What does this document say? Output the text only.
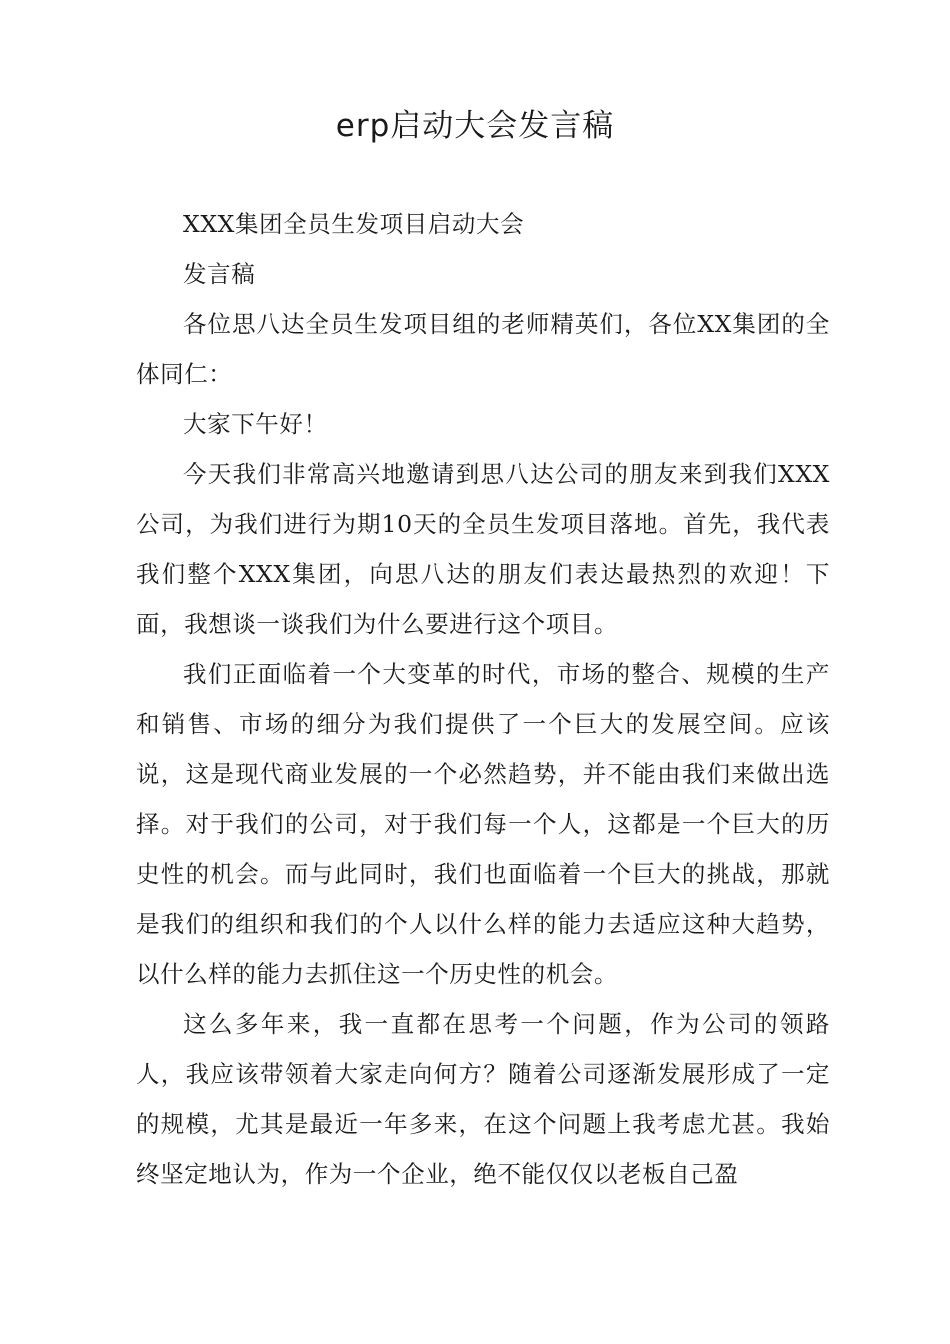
erp启动大会发言稿

XXX集团全员生发项目启动大会

发言稿

各位思八达全员生发项目组的老师精英们，各位XX集团的全体同仁：

大家下午好！

今天我们非常高兴地邀请到思八达公司的朋友来到我们XXX公司，为我们进行为期10天的全员生发项目落地。首先，我代表我们整个XXX集团，向思八达的朋友们表达最热烈的欢迎！下面，我想谈一谈我们为什么要进行这个项目。

我们正面临着一个大变革的时代，市场的整合、规模的生产和销售、市场的细分为我们提供了一个巨大的发展空间。应该说，这是现代商业发展的一个必然趋势，并不能由我们来做出选择。对于我们的公司，对于我们每一个人，这都是一个巨大的历史性的机会。而与此同时，我们也面临着一个巨大的挑战，那就是我们的组织和我们的个人以什么样的能力去适应这种大趋势，以什么样的能力去抓住这一个历史性的机会。

这么多年来，我一直都在思考一个问题，作为公司的领路人，我应该带领着大家走向何方？随着公司逐渐发展形成了一定的规模，尤其是最近一年多来，在这个问题上我考虑尤甚。我始终坚定地认为，作为一个企业，绝不能仅仅以老板自己盈
